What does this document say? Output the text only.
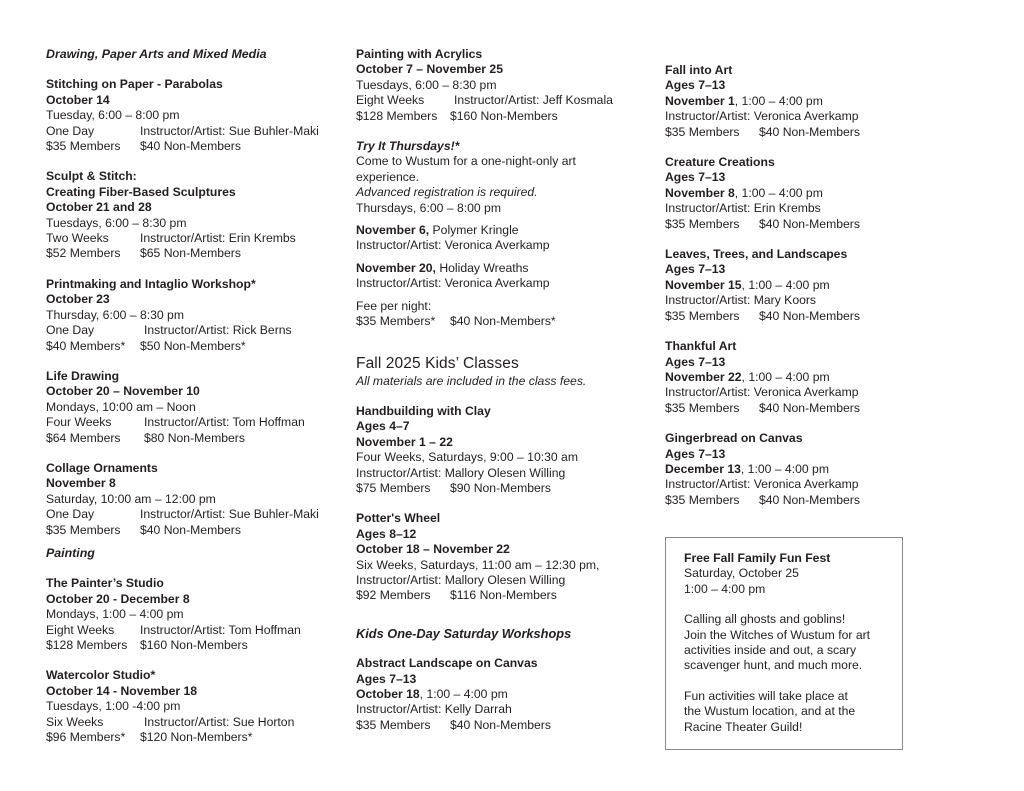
Drawing, Paper Arts and Mixed Media
Stitching on Paper - Parabolas
October 14
Tuesday, 6:00 – 8:00 pm
One Day	Instructor/Artist: Sue Buhler-Maki
$35 Members $40 Non-Members
Sculpt & Stitch:
Creating Fiber-Based Sculptures
October 21 and 28
Tuesdays, 6:00 – 8:30 pm
Two Weeks	Instructor/Artist: Erin Krembs
$52 Members $65 Non-Members
Printmaking and Intaglio Workshop*
October 23
Thursday, 6:00 – 8:30 pm
One Day	Instructor/Artist: Rick Berns
$40 Members* $50 Non-Members*
Life Drawing
October 20 – November 10
Mondays, 10:00 am – Noon
Four Weeks	Instructor/Artist: Tom Hoffman
$64 Members $80 Non-Members
Collage Ornaments
November 8
Saturday, 10:00 am – 12:00 pm
One Day	Instructor/Artist: Sue Buhler-Maki
$35 Members $40 Non-Members
Painting
The Painter’s Studio
October 20 - December 8
Mondays, 1:00 – 4:00 pm
Eight Weeks Instructor/Artist: Tom Hoffman
$128 Members $160 Non-Members
Watercolor Studio*
October 14 - November 18
Tuesdays, 1:00 -4:00 pm
Six Weeks	Instructor/Artist: Sue Horton
$96 Members* $120 Non-Members*
Painting with Acrylics
October 7 – November 25
Tuesdays, 6:00 – 8:30 pm
Eight Weeks Instructor/Artist: Jeff Kosmala
$128 Members $160 Non-Members
Try It Thursdays!*
Come to Wustum for a one-night-only art
experience.
Advanced registration is required.
Thursdays, 6:00 – 8:00 pm
November 6, Polymer Kringle
Instructor/Artist: Veronica Averkamp
November 20, Holiday Wreaths
Instructor/Artist: Veronica Averkamp
Fee per night:
$35 Members* $40 Non-Members*
Fall 2025 Kids’ Classes
All materials are included in the class fees.
Handbuilding with Clay
Ages 4–7
November 1 – 22
Four Weeks, Saturdays, 9:00 – 10:30 am
Instructor/Artist: Mallory Olesen Willing
$75 Members $90 Non-Members
Potter's Wheel
Ages 8–12
October 18 – November 22
Six Weeks, Saturdays, 11:00 am – 12:30 pm,
Instructor/Artist: Mallory Olesen Willing
$92 Members $116 Non-Members
Kids One-Day Saturday Workshops
Abstract Landscape on Canvas
Ages 7–13
October 18, 1:00 – 4:00 pm
Instructor/Artist: Kelly Darrah
$35 Members $40 Non-Members
Fall into Art
Ages 7–13
November 1, 1:00 – 4:00 pm
Instructor/Artist: Veronica Averkamp
$35 Members $40 Non-Members
Creature Creations
Ages 7–13
November 8, 1:00 – 4:00 pm
Instructor/Artist: Erin Krembs
$35 Members $40 Non-Members
Leaves, Trees, and Landscapes
Ages 7–13
November 15, 1:00 – 4:00 pm
Instructor/Artist: Mary Koors
$35 Members $40 Non-Members
Thankful Art
Ages 7–13
November 22, 1:00 – 4:00 pm
Instructor/Artist: Veronica Averkamp
$35 Members $40 Non-Members
Gingerbread on Canvas
Ages 7–13
December 13, 1:00 – 4:00 pm
Instructor/Artist: Veronica Averkamp
$35 Members $40 Non-Members
Free Fall Family Fun Fest
Saturday, October 25
1:00 – 4:00 pm
Calling all ghosts and goblins!
Join the Witches of Wustum for art
activities inside and out, a scary
scavenger hunt, and much more.
Fun activities will take place at
the Wustum location, and at the
Racine Theater Guild!
